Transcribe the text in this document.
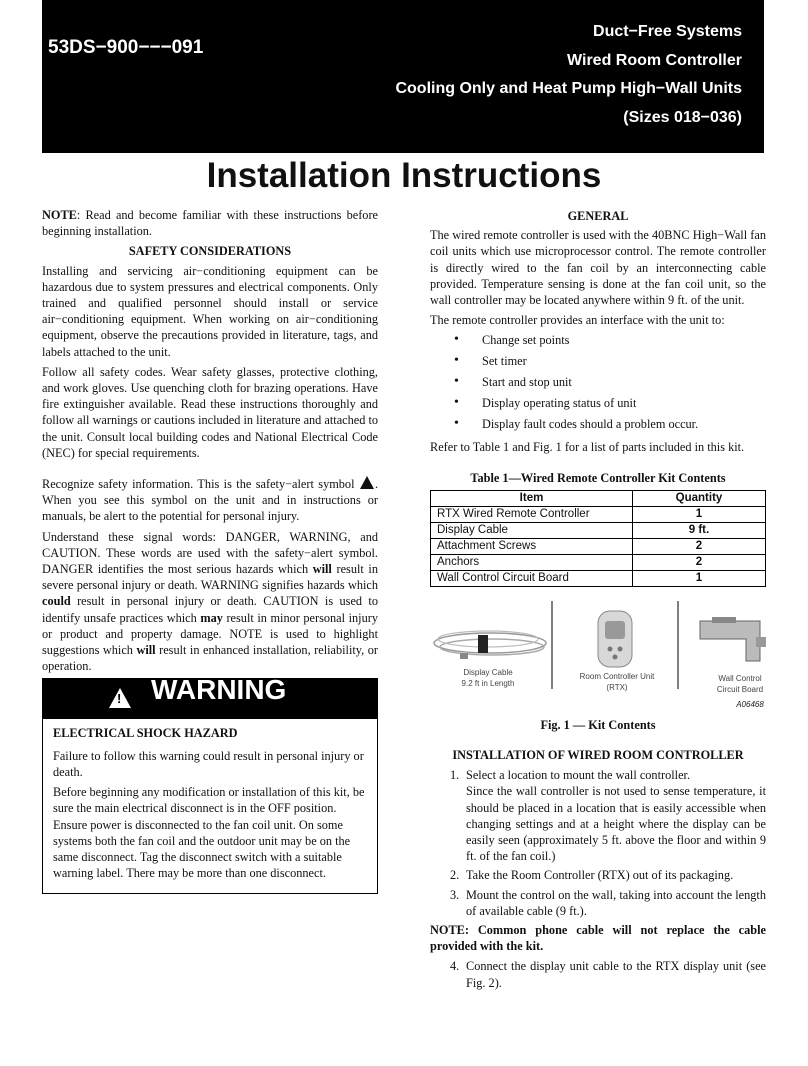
53DS−900−−−091
Duct−Free Systems
Wired Room Controller
Cooling Only and Heat Pump High−Wall Units
(Sizes 018−036)
Installation Instructions

NOTE: Read and become familiar with these instructions before beginning installation.

SAFETY CONSIDERATIONS

Installing and servicing air−conditioning equipment can be hazardous due to system pressures and electrical components. Only trained and qualified personnel should install or service air−conditioning equipment. When working on air−conditioning equipment, observe the precautions provided in literature, tags, and labels attached to the unit.

Follow all safety codes. Wear safety glasses, protective clothing, and work gloves. Use quenching cloth for brazing operations. Have fire extinguisher available. Read these instructions thoroughly and follow all warnings or cautions included in literature and attached to the unit. Consult local building codes and National Electrical Code (NEC) for special requirements.

Recognize safety information. This is the safety−alert symbol . When you see this symbol on the unit and in instructions or manuals, be alert to the potential for personal injury.

Understand these signal words: DANGER, WARNING, and CAUTION. These words are used with the safety−alert symbol. DANGER identifies the most serious hazards which will result in severe personal injury or death. WARNING signifies hazards which could result in personal injury or death. CAUTION is used to identify unsafe practices which may result in minor personal injury or product and property damage. NOTE is used to highlight suggestions which will result in enhanced installation, reliability, or operation.

! WARNING
ELECTRICAL SHOCK HAZARD

Failure to follow this warning could result in personal injury or death.

Before beginning any modification or installation of this kit, be sure the main electrical disconnect is in the OFF position. Ensure power is disconnected to the fan coil unit. On some systems both the fan coil and the outdoor unit may be on the same disconnect. Tag the disconnect switch with a suitable warning label. There may be more than one disconnect.

GENERAL

The wired remote controller is used with the 40BNC High−Wall fan coil units which use microprocessor control. The remote controller is directly wired to the fan coil by an interconnecting cable provided. Temperature sensing is done at the fan coil unit, so the wall controller may be located anywhere within 9 ft. of the unit.

The remote controller provides an interface with the unit to:

• Change set points
• Set timer
• Start and stop unit
• Display operating status of unit
• Display fault codes should a problem occur.

Refer to Table 1 and Fig. 1 for a list of parts included in this kit.

Table 1—Wired Remote Controller Kit Contents
Item	Quantity
RTX Wired Remote Controller	1
Display Cable	9 ft.
Attachment Screws	2
Anchors	2
Wall Control Circuit Board	1
Display Cable
9.2 ft in Length
Room Controller Unit
(RTX)
Wall Control
Circuit Board
A06468
Fig. 1 — Kit Contents
INSTALLATION OF WIRED ROOM CONTROLLER
1. Select a location to mount the wall controller.
Since the wall controller is not used to sense temperature, it should be placed in a location that is easily accessible when changing settings and at a height where the display can be easily seen (approximately 5 ft. above the floor and within 9 ft. of the fan coil.)
2. Take the Room Controller (RTX) out of its packaging.
3. Mount the control on the wall, taking into account the length of available cable (9 ft.).

NOTE: Common phone cable will not replace the cable provided with the kit.

4. Connect the display unit cable to the RTX display unit (see Fig. 2).
